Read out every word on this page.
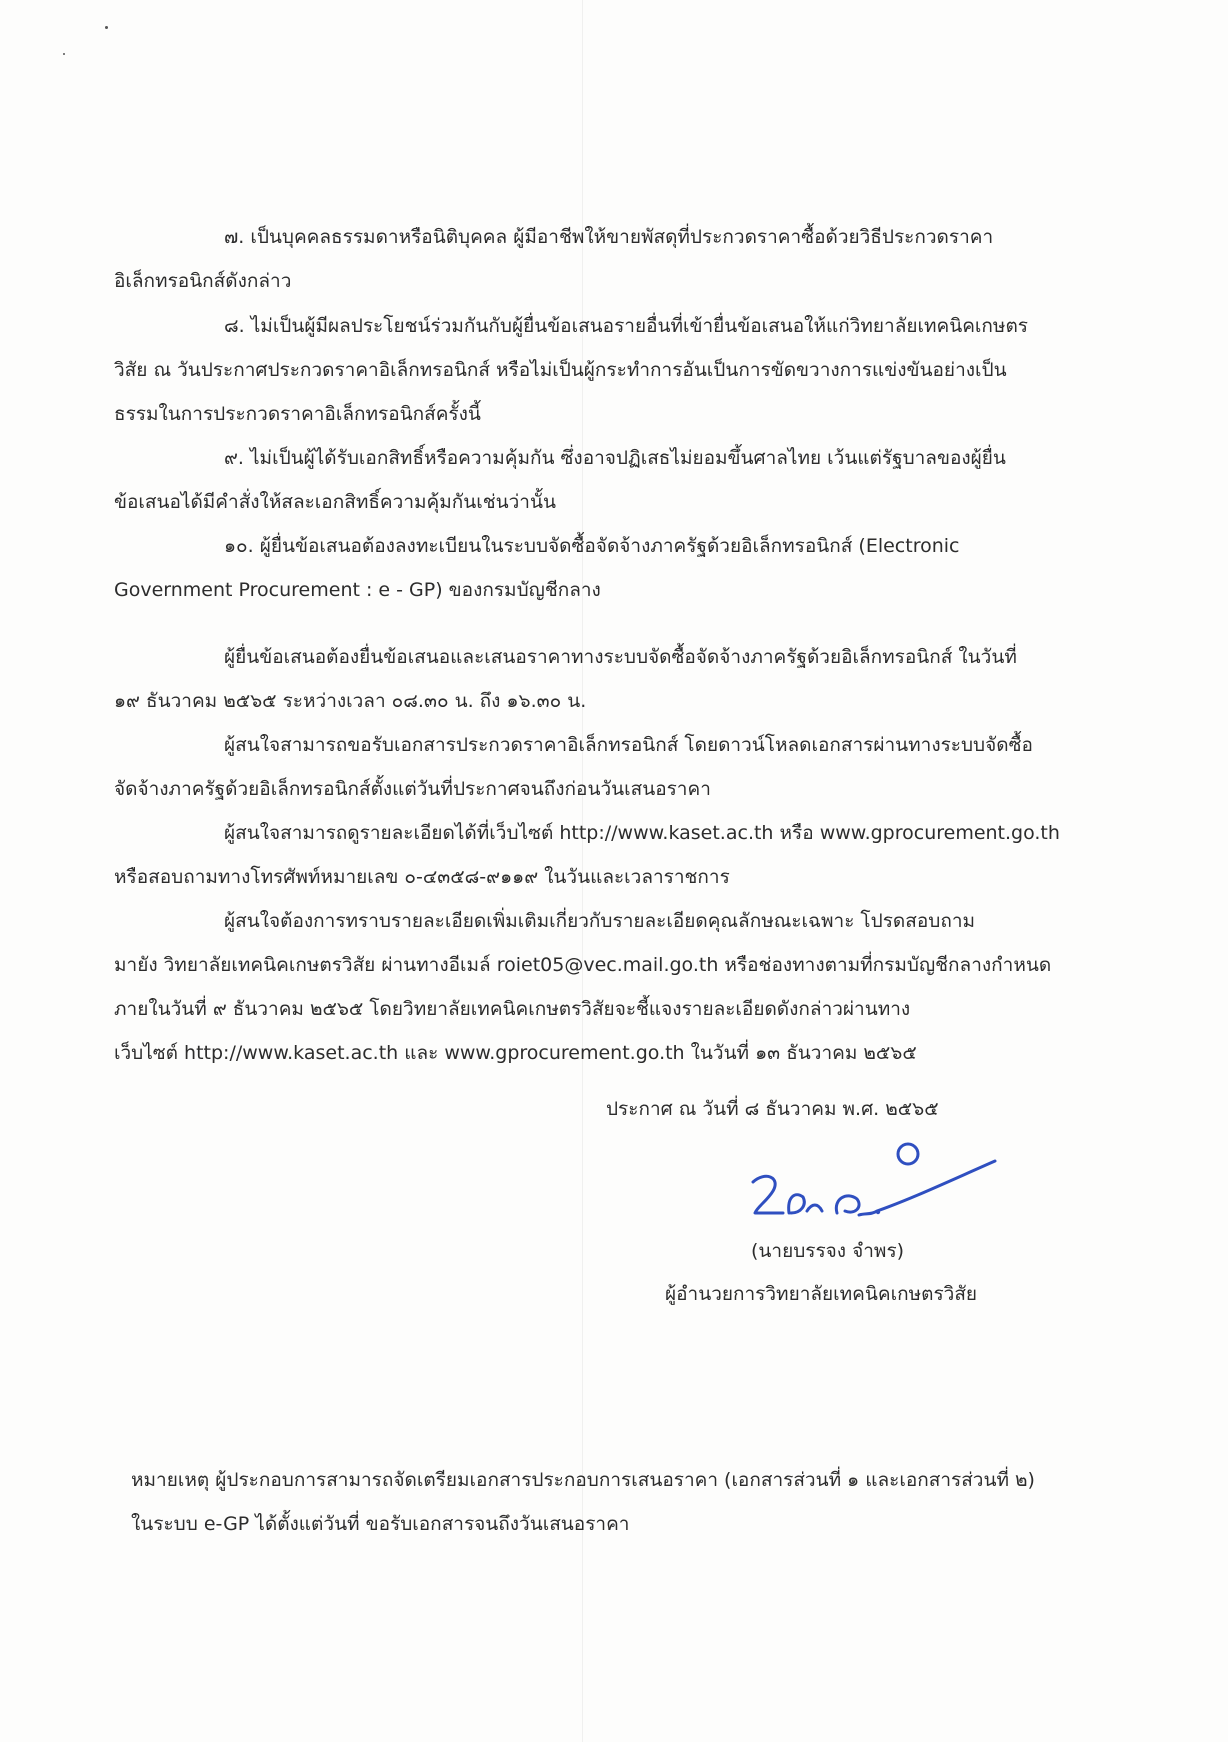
๗. เป็นบุคคลธรรมดาหรือนิติบุคคล ผู้มีอาชีพให้ขายพัสดุที่ประกวดราคาซื้อด้วยวิธีประกวดราคา
อิเล็กทรอนิกส์ดังกล่าว
๘. ไม่เป็นผู้มีผลประโยชน์ร่วมกันกับผู้ยื่นข้อเสนอรายอื่นที่เข้ายื่นข้อเสนอให้แก่วิทยาลัยเทคนิคเกษตร
วิสัย ณ วันประกาศประกวดราคาอิเล็กทรอนิกส์ หรือไม่เป็นผู้กระทำการอันเป็นการขัดขวางการแข่งขันอย่างเป็น
ธรรมในการประกวดราคาอิเล็กทรอนิกส์ครั้งนี้
๙. ไม่เป็นผู้ได้รับเอกสิทธิ์หรือความคุ้มกัน ซึ่งอาจปฏิเสธไม่ยอมขึ้นศาลไทย เว้นแต่รัฐบาลของผู้ยื่น
ข้อเสนอได้มีคำสั่งให้สละเอกสิทธิ์ความคุ้มกันเช่นว่านั้น
๑๐. ผู้ยื่นข้อเสนอต้องลงทะเบียนในระบบจัดซื้อจัดจ้างภาครัฐด้วยอิเล็กทรอนิกส์ (Electronic
Government Procurement : e - GP) ของกรมบัญชีกลาง
ผู้ยื่นข้อเสนอต้องยื่นข้อเสนอและเสนอราคาทางระบบจัดซื้อจัดจ้างภาครัฐด้วยอิเล็กทรอนิกส์ ในวันที่
๑๙ ธันวาคม ๒๕๖๕ ระหว่างเวลา ๐๘.๓๐ น. ถึง ๑๖.๓๐ น.
ผู้สนใจสามารถขอรับเอกสารประกวดราคาอิเล็กทรอนิกส์ โดยดาวน์โหลดเอกสารผ่านทางระบบจัดซื้อ
จัดจ้างภาครัฐด้วยอิเล็กทรอนิกส์ตั้งแต่วันที่ประกาศจนถึงก่อนวันเสนอราคา
ผู้สนใจสามารถดูรายละเอียดได้ที่เว็บไซต์ http://www.kaset.ac.th หรือ www.gprocurement.go.th
หรือสอบถามทางโทรศัพท์หมายเลข ๐-๔๓๕๘-๙๑๑๙ ในวันและเวลาราชการ
ผู้สนใจต้องการทราบรายละเอียดเพิ่มเติมเกี่ยวกับรายละเอียดคุณลักษณะเฉพาะ โปรดสอบถาม
มายัง วิทยาลัยเทคนิคเกษตรวิสัย ผ่านทางอีเมล์ roiet05@vec.mail.go.th หรือช่องทางตามที่กรมบัญชีกลางกำหนด
ภายในวันที่ ๙ ธันวาคม ๒๕๖๕ โดยวิทยาลัยเทคนิคเกษตรวิสัยจะชี้แจงรายละเอียดดังกล่าวผ่านทาง
เว็บไซต์ http://www.kaset.ac.th และ www.gprocurement.go.th ในวันที่ ๑๓ ธันวาคม ๒๕๖๕
ประกาศ ณ วันที่ ๘ ธันวาคม พ.ศ. ๒๕๖๕
(นายบรรจง จำพร)
ผู้อำนวยการวิทยาลัยเทคนิคเกษตรวิสัย
หมายเหตุ ผู้ประกอบการสามารถจัดเตรียมเอกสารประกอบการเสนอราคา (เอกสารส่วนที่ ๑ และเอกสารส่วนที่ ๒)
ในระบบ e-GP ได้ตั้งแต่วันที่ ขอรับเอกสารจนถึงวันเสนอราคา
